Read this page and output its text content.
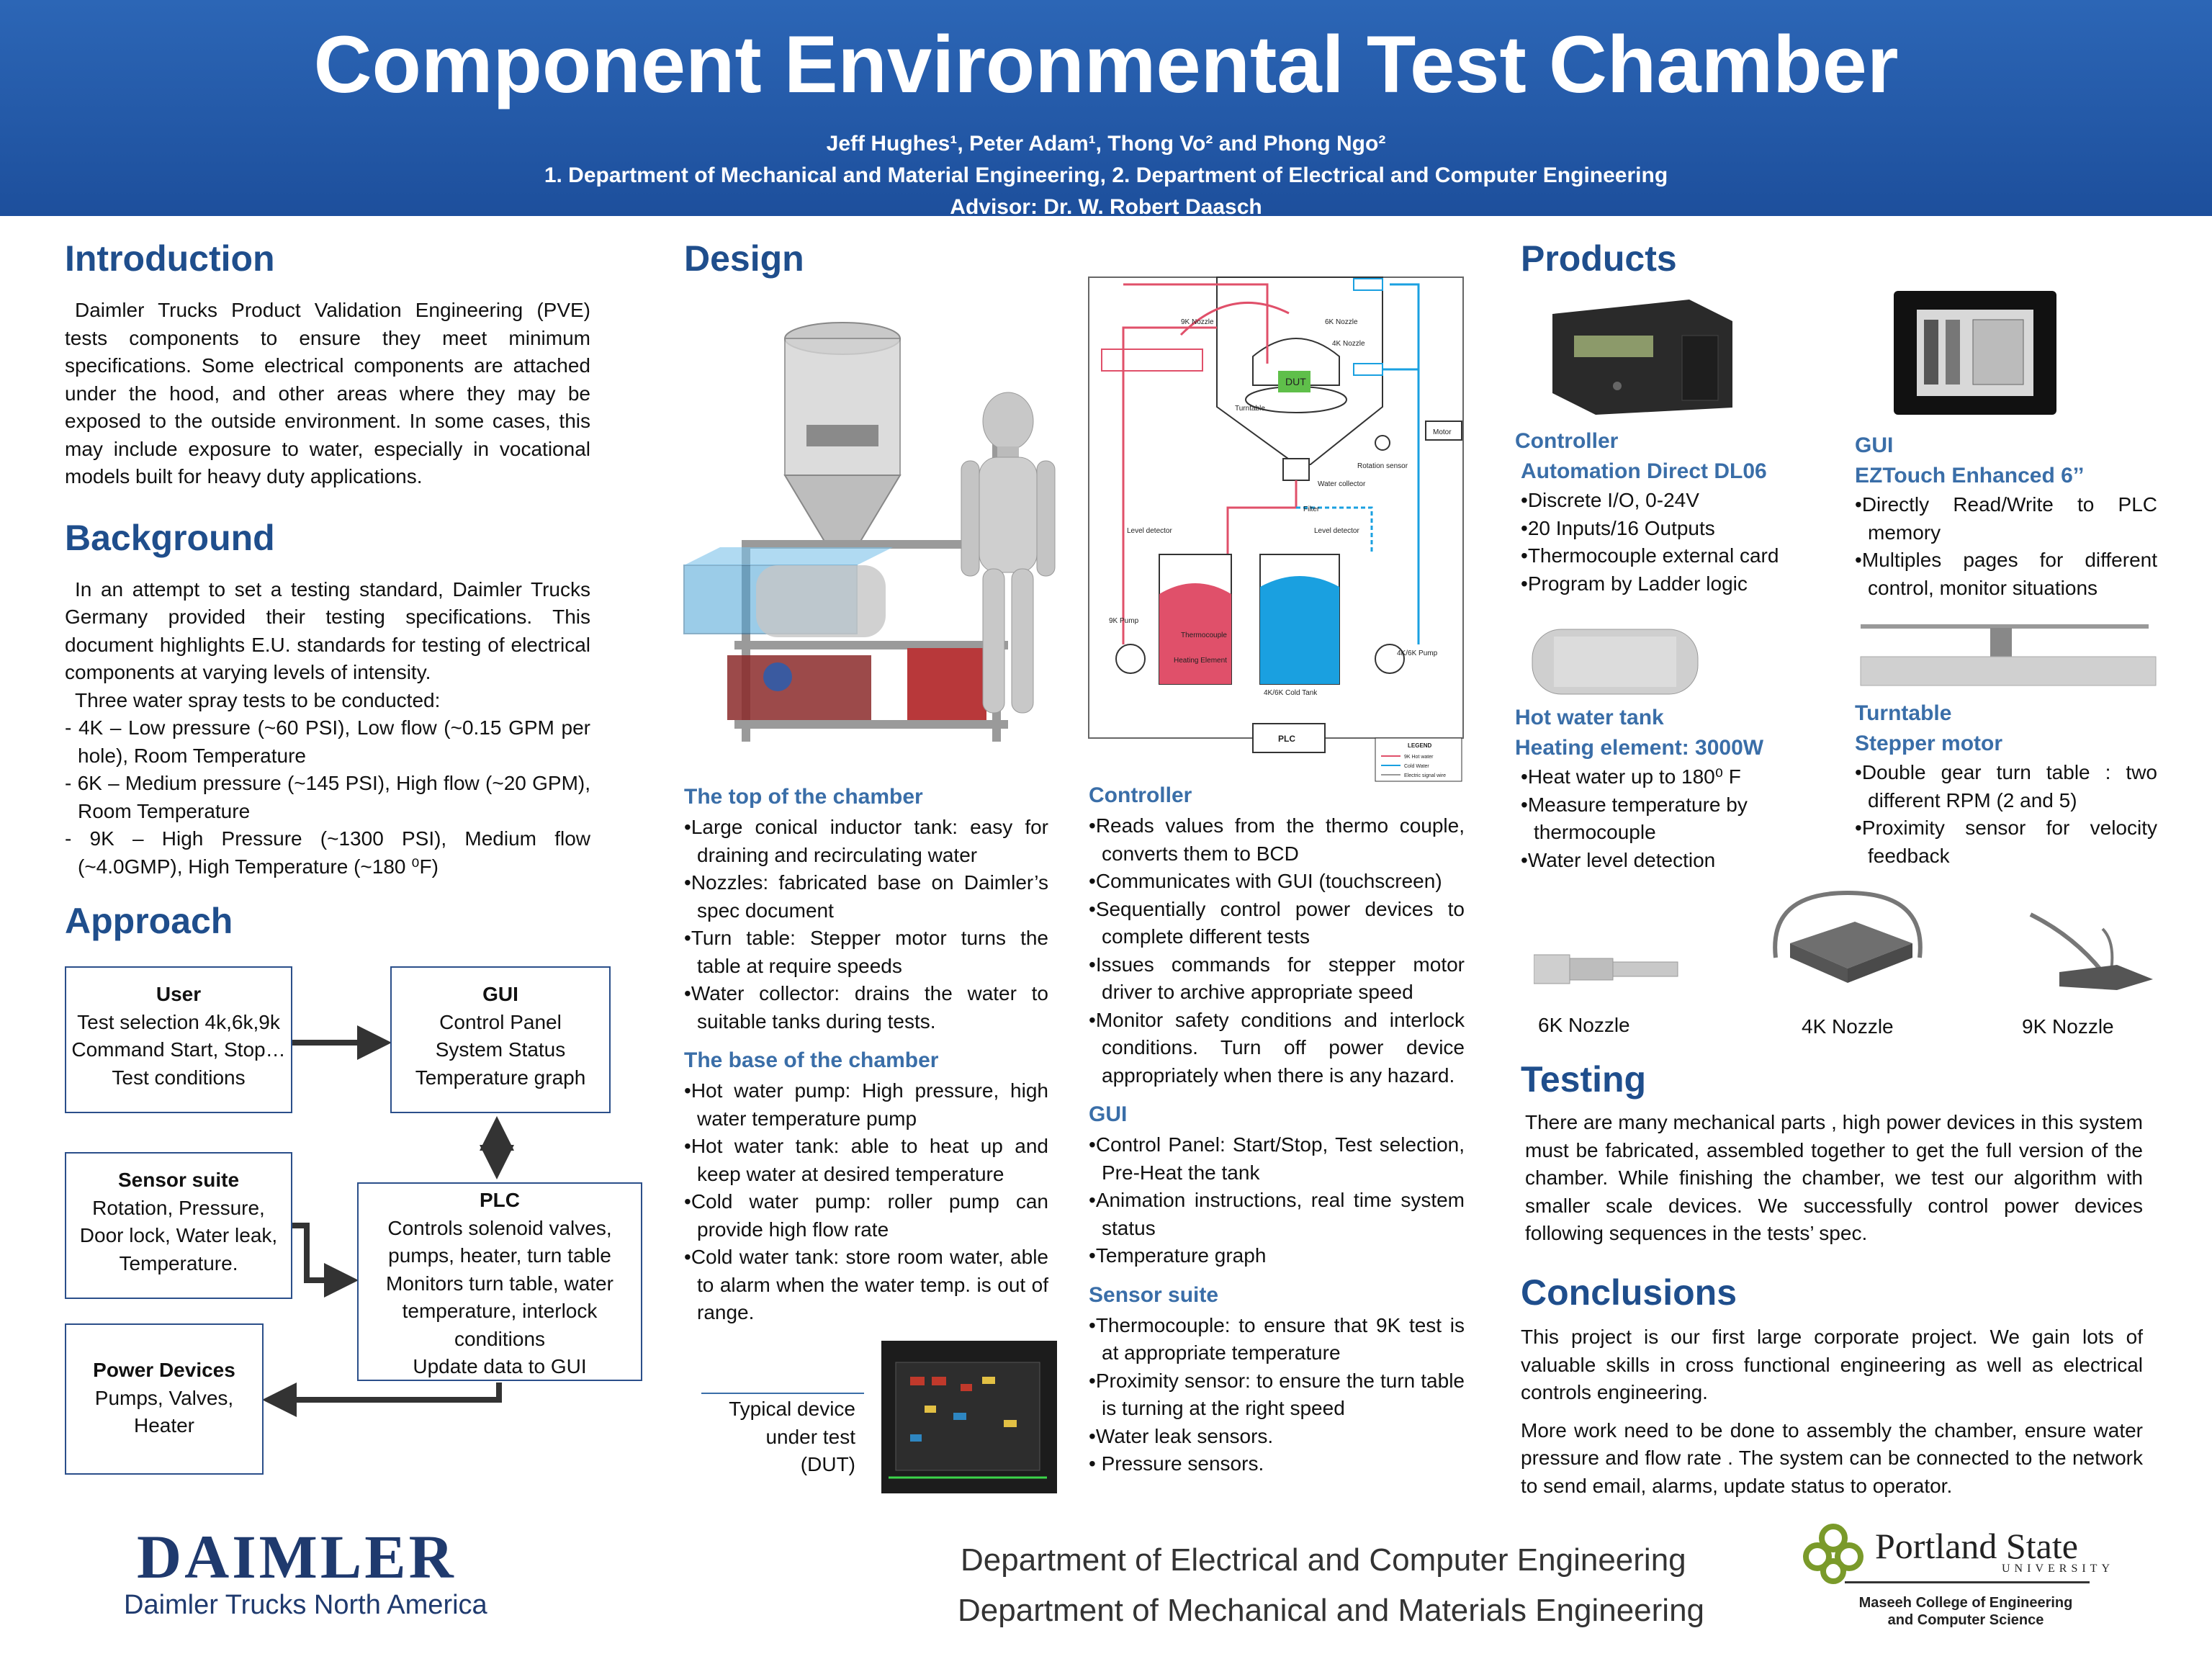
Component Environmental Test Chamber
Jeff Hughes¹, Peter Adam¹, Thong Vo² and Phong Ngo²
1. Department of Mechanical and Material Engineering, 2. Department of Electrical and Computer Engineering
Advisor: Dr. W. Robert Daasch
Introduction
Daimler Trucks Product Validation Engineering (PVE) tests components to ensure they meet minimum specifications. Some electrical components are attached under the hood, and other areas where they may be exposed to the outside environment. In some cases, this may include exposure to water, especially in vocational models built for heavy duty applications.
Background
In an attempt to set a testing standard, Daimler Trucks Germany provided their testing specifications. This document highlights E.U. standards for testing of electrical components at varying levels of intensity.
Three water spray tests to be conducted:
- 4K – Low pressure (~60 PSI), Low flow (~0.15 GPM per hole), Room Temperature
- 6K – Medium pressure (~145 PSI), High flow (~20 GPM), Room Temperature
- 9K – High Pressure (~1300 PSI), Medium flow (~4.0GMP), High Temperature (~180 ⁰F)
Approach
User
Test selection 4k,6k,9k
Command Start, Stop…
Test conditions
GUI
Control Panel
System Status
Temperature graph
Sensor suite
Rotation, Pressure,
Door lock, Water leak,
Temperature.
PLC
Controls solenoid valves,
pumps, heater, turn table
Monitors turn table, water
temperature, interlock
conditions
Update data to GUI
Power Devices
Pumps, Valves,
Heater
Design
9K Nozzle	6K Nozzle
4K Nozzle
DUT
Turntable
Motor
Rotation sensor
Water collector
Filter
Level detector	Level detector
9K Pump
4K/6K Pump
Thermocouple
Heating Element
4K/6K Cold Tank
PLC
LEGEND
9K Hot water
Cold Water
Electric signal wire
The top of the chamber
• Large conical inductor tank: easy for draining and recirculating water
• Nozzles: fabricated base on Daimler’s spec document
• Turn table: Stepper motor turns the table at require speeds
• Water collector: drains the water to suitable tanks during tests.
The base of the chamber
• Hot water pump: High pressure, high water temperature pump
• Hot water tank: able to heat up and keep water at desired temperature
• Cold water pump: roller pump can provide high flow rate
• Cold water tank: store room water, able to alarm when the water temp. is out of range.
Typical device
under test
(DUT)
Controller
• Reads values from the thermo couple, converts them to BCD
• Communicates with GUI (touchscreen)
• Sequentially control power devices to complete different tests
• Issues commands for stepper motor driver to archive appropriate speed
• Monitor safety conditions and interlock conditions. Turn off power device appropriately when there is any hazard.
GUI
• Control Panel: Start/Stop, Test selection, Pre-Heat the tank
• Animation instructions, real time system status
• Temperature graph
Sensor suite
• Thermocouple: to ensure that 9K test is at appropriate temperature
• Proximity sensor: to ensure the turn table is turning at the right speed
• Water leak sensors.
• Pressure sensors.
Products
Controller
Automation Direct DL06
• Discrete I/O, 0-24V
• 20 Inputs/16 Outputs
• Thermocouple external card
• Program by Ladder logic
GUI
EZTouch Enhanced 6’’
• Directly Read/Write to PLC memory
• Multiples pages for different control, monitor situations
Hot water tank
Heating element: 3000W
• Heat water up to 180⁰ F
• Measure temperature by thermocouple
• Water level detection
Turntable
Stepper motor
• Double gear turn table : two different RPM (2 and 5)
• Proximity sensor for velocity feedback
6K Nozzle	4K Nozzle	9K Nozzle
Testing
There are many mechanical parts , high power devices in this system must be fabricated, assembled together to get the full version of the chamber. While finishing the chamber, we test our algorithm with smaller scale devices. We successfully control power devices following sequences in the tests’ spec.
Conclusions
This project is our first large corporate project. We gain lots of valuable skills in cross functional engineering as well as electrical controls engineering.
More work need to be done to assembly the chamber, ensure water pressure and flow rate . The system can be connected to the network to send email, alarms, update status to operator.
DAIMLER
Daimler Trucks North America
Department of Electrical and Computer Engineering
Department of Mechanical and Materials Engineering
Portland State
UNIVERSITY
Maseeh College of Engineering
and Computer Science
